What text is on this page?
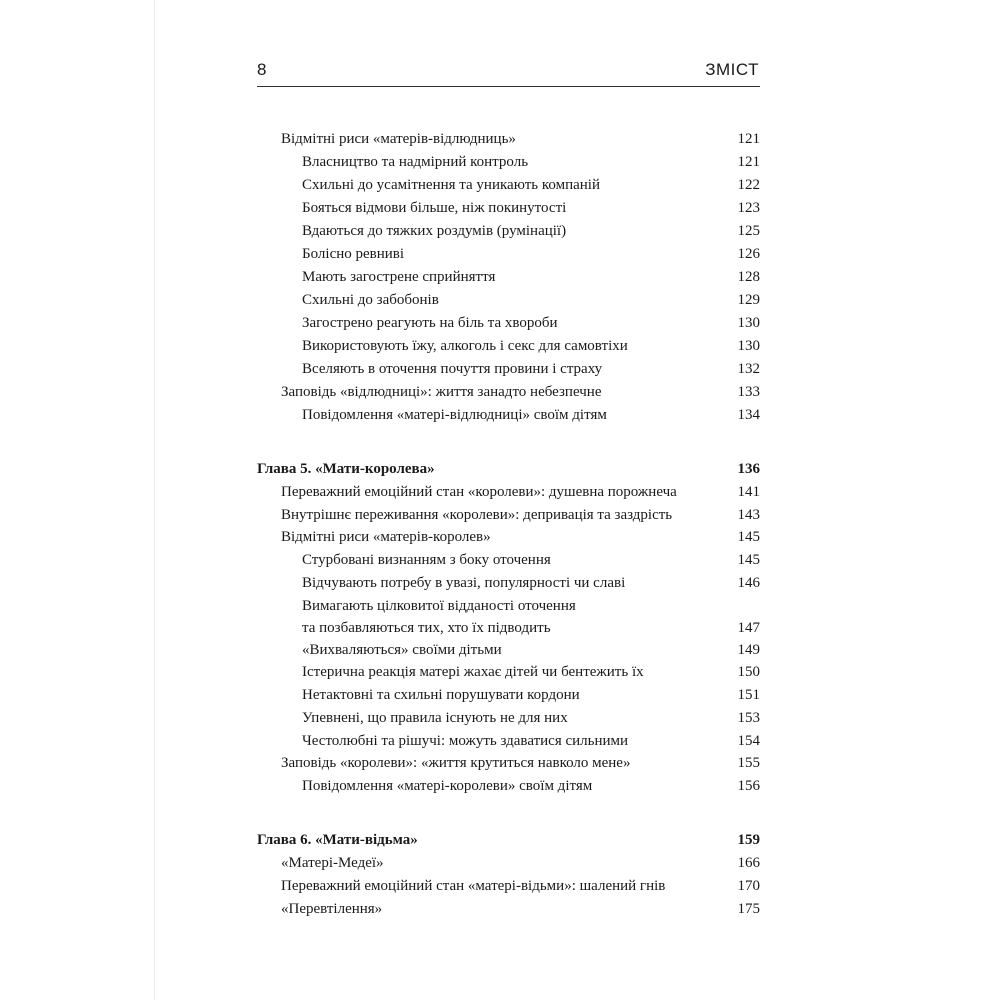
8	ЗМІСТ
Відмітні риси «матерів-відлюдниць»	121
Власництво та надмірний контроль	121
Схильні до усамітнення та уникають компаній	122
Бояться відмови більше, ніж покинутості	123
Вдаються до тяжких роздумів (румінації)	125
Болісно ревниві	126
Мають загострене сприйняття	128
Схильні до забобонів	129
Загострено реагують на біль та хвороби	130
Використовують їжу, алкоголь і секс для самовтіхи	130
Вселяють в оточення почуття провини і страху	132
Заповідь «відлюдниці»: життя занадто небезпечне	133
Повідомлення «матері-відлюдниці» своїм дітям	134
Глава 5. «Мати-королева»	136
Переважний емоційний стан «королеви»: душевна порожнеча	141
Внутрішнє переживання «королеви»: депривація та заздрість	143
Відмітні риси «матерів-королев»	145
Стурбовані визнанням з боку оточення	145
Відчувають потребу в увазі, популярності чи славі	146
Вимагають цілковитої відданості оточення
та позбавляються тих, хто їх підводить	147
«Вихваляються» своїми дітьми	149
Істерична реакція матері жахає дітей чи бентежить їх	150
Нетактовні та схильні порушувати кордони	151
Упевнені, що правила існують не для них	153
Честолюбні та рішучі: можуть здаватися сильними	154
Заповідь «королеви»: «життя крутиться навколо мене»	155
Повідомлення «матері-королеви» своїм дітям	156
Глава 6. «Мати-відьма»	159
«Матері-Медеї»	166
Переважний емоційний стан «матері-відьми»: шалений гнів	170
«Перевтілення»	175
